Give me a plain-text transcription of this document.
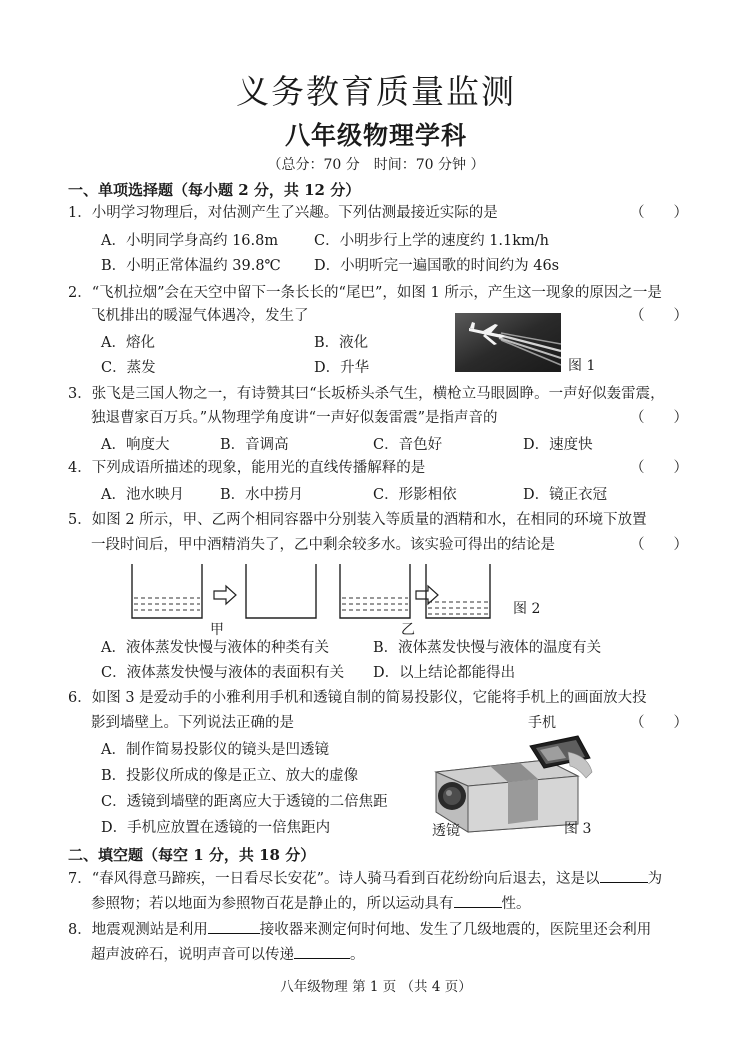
义务教育质量监测
八年级物理学科
（总分：70 分　时间：70 分钟 ）
一、单项选择题（每小题 2 分，共 12 分）
1．小明学习物理后，对估测产生了兴趣。下列估测最接近实际的是	（　　）
A．小明同学身高约 16.8m C．小明步行上学的速度约 1.1km/h
B．小明正常体温约 39.8℃ D．小明听完一遍国歌的时间约为 46s
2．“飞机拉烟”会在天空中留下一条长长的“尾巴”，如图 1 所示，产生这一现象的原因之一是
飞机排出的暖湿气体遇冷，发生了	（　　）
A．熔化	B．液化
C．蒸发	D．升华	图 1
3．张飞是三国人物之一，有诗赞其曰“长坂桥头杀气生，横枪立马眼圆睁。一声好似轰雷震，
独退曹家百万兵。”从物理学角度讲“一声好似轰雷震”是指声音的	（　　）
A．响度大	B．音调高	C．音色好	D．速度快
4．下列成语所描述的现象，能用光的直线传播解释的是	（　　）
A．池水映月 B．水中捞月	C．形影相依	D．镜正衣冠
5．如图 2 所示，甲、乙两个相同容器中分别装入等质量的酒精和水，在相同的环境下放置
一段时间后，甲中酒精消失了，乙中剩余较多水。该实验可得出的结论是	（　　）
甲	乙
图 2
A．液体蒸发快慢与液体的种类有关	B．液体蒸发快慢与液体的温度有关
C．液体蒸发快慢与液体的表面积有关 D．以上结论都能得出
6．如图 3 是爱动手的小雅利用手机和透镜自制的简易投影仪，它能将手机上的画面放大投
影到墙壁上。下列说法正确的是	手机	（　　）
A．制作简易投影仪的镜头是凹透镜
B．投影仪所成的像是正立、放大的虚像
C．透镜到墙壁的距离应大于透镜的二倍焦距
D．手机应放置在透镜的一倍焦距内	透镜	图 3
二、填空题（每空 1 分，共 18 分）
7．“春风得意马蹄疾，一日看尽长安花”。诗人骑马看到百花纷纷向后退去，这是以	为
参照物；若以地面为参照物百花是静止的，所以运动具有	性。
8．地震观测站是利用	接收器来测定何时何地、发生了几级地震的，医院里还会利用
超声波碎石，说明声音可以传递	。
八年级物理 第 1 页 （共 4 页）
